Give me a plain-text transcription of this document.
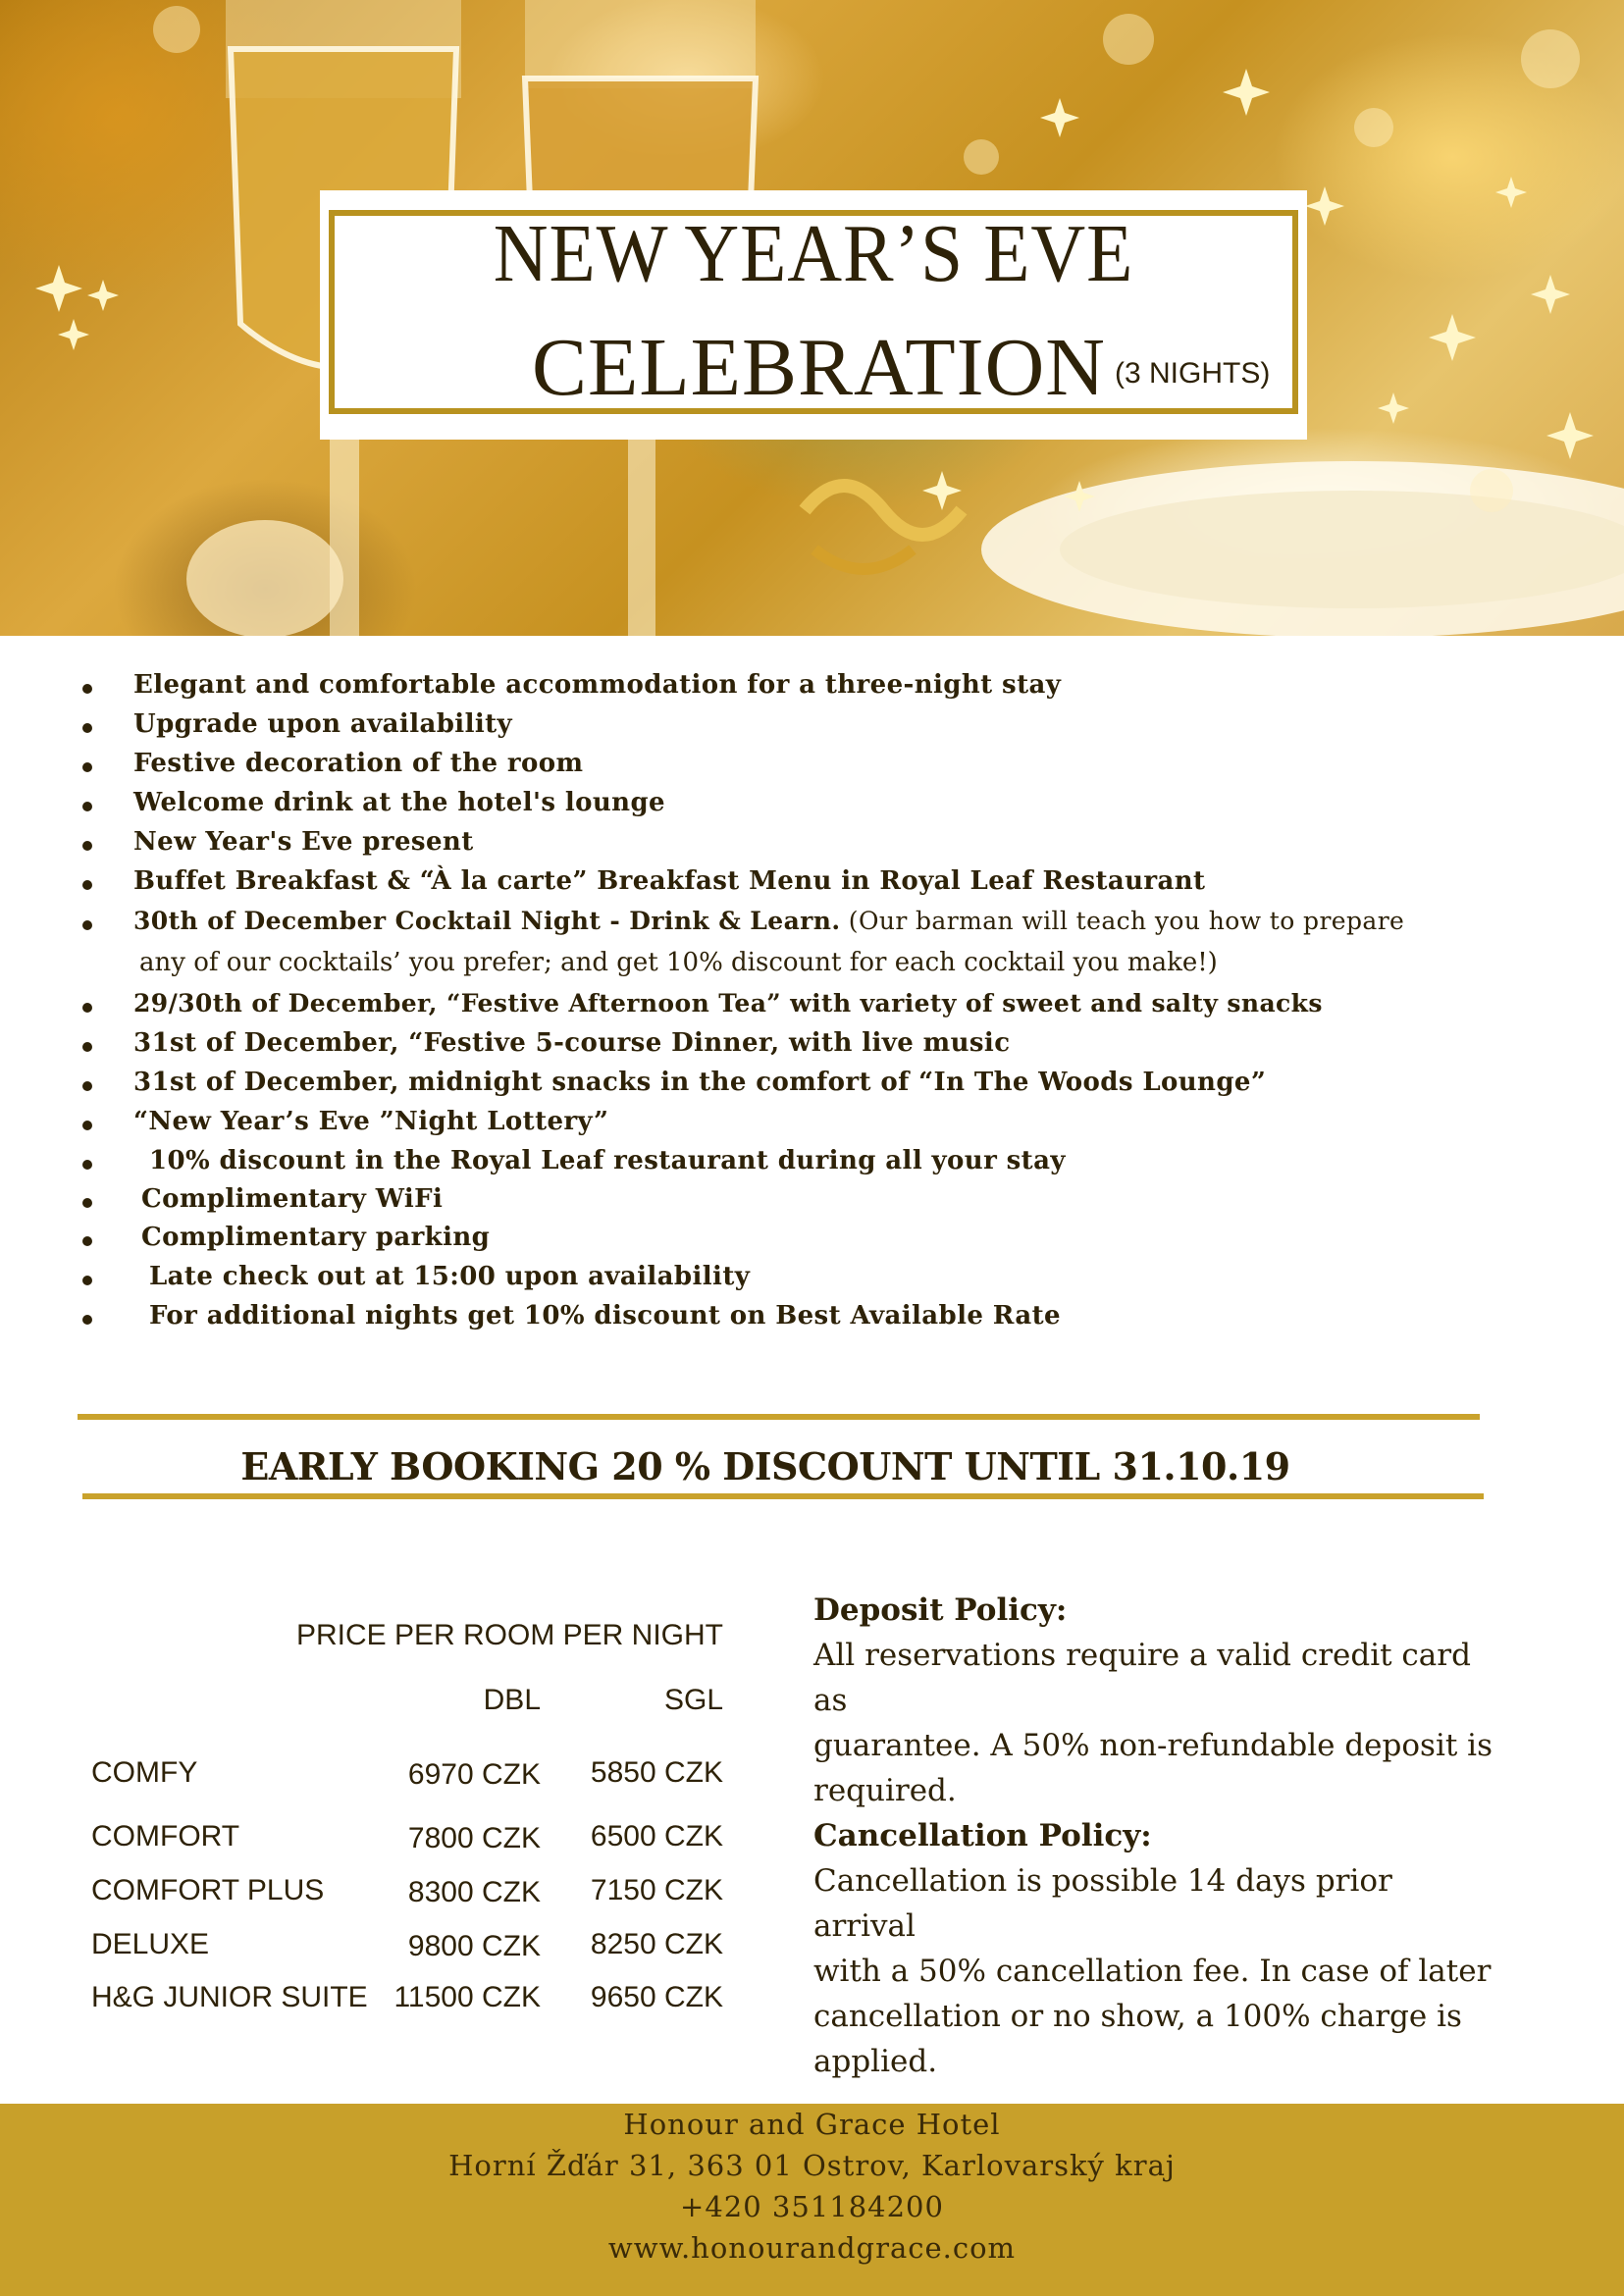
NEW YEAR’S EVE
CELEBRATION (3 NIGHTS)
Elegant and comfortable accommodation for a three-night stay
Upgrade upon availability
Festive decoration of the room
Welcome drink at the hotel's lounge
New Year's Eve present
Buffet Breakfast & “À la carte” Breakfast Menu in Royal Leaf Restaurant
30th of December Cocktail Night - Drink & Learn. (Our barman will teach you how to prepare
any of our cocktails’ you prefer; and get 10% discount for each cocktail you make!)
29/30th of December, “Festive Afternoon Tea” with variety of sweet and salty snacks
31st of December, “Festive 5-course Dinner, with live music
31st of December, midnight snacks in the comfort of “In The Woods Lounge”
“New Year’s Eve ”Night Lottery”
10% discount in the Royal Leaf restaurant during all your stay
Complimentary WiFi
Complimentary parking
Late check out at 15:00 upon availability
For additional nights get 10% discount on Best Available Rate
EARLY BOOKING 20 % DISCOUNT UNTIL 31.10.19
PRICE PER ROOM PER NIGHT
DBL	SGL
COMFY	6970 CZK	5850 CZK
COMFORT	7800 CZK	6500 CZK
COMFORT PLUS	8300 CZK	7150 CZK
DELUXE	9800 CZK	8250 CZK
H&G JUNIOR SUITE 11500 CZK	9650 CZK
Deposit Policy:
All reservations require a valid credit card as
guarantee. A 50% non-refundable deposit is
required.
Cancellation Policy:
Cancellation is possible 14 days prior arrival
with a 50% cancellation fee. In case of later
cancellation or no show, a 100% charge is
applied.
Honour and Grace Hotel
Horní Žďár 31, 363 01 Ostrov, Karlovarský kraj
+420 351184200
www.honourandgrace.com
